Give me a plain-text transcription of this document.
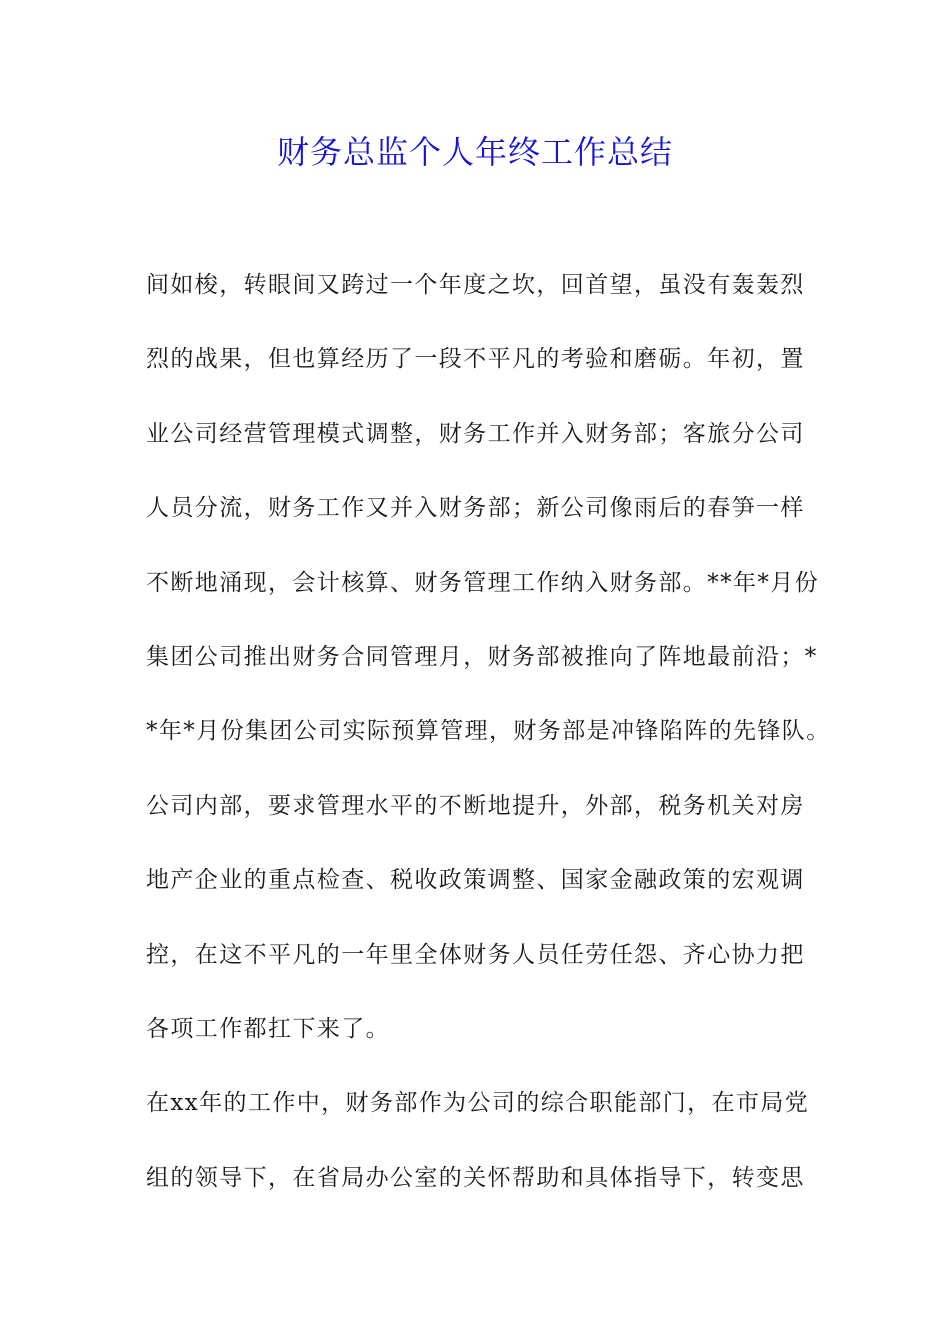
财务总监个人年终工作总结
间如梭，转眼间又跨过一个年度之坎，回首望，虽没有轰轰烈
烈的战果，但也算经历了一段不平凡的考验和磨砺。年初，置
业公司经营管理模式调整，财务工作并入财务部；客旅分公司
人员分流，财务工作又并入财务部；新公司像雨后的春笋一样
不断地涌现，会计核算、财务管理工作纳入财务部。**年*月份
集团公司推出财务合同管理月，财务部被推向了阵地最前沿；*
*年*月份集团公司实际预算管理，财务部是冲锋陷阵的先锋队。
公司内部，要求管理水平的不断地提升，外部，税务机关对房
地产企业的重点检查、税收政策调整、国家金融政策的宏观调
控，在这不平凡的一年里全体财务人员任劳任怨、齐心协力把
各项工作都扛下来了。
在xx年的工作中，财务部作为公司的综合职能部门，在市局党
组的领导下，在省局办公室的关怀帮助和具体指导下，转变思
